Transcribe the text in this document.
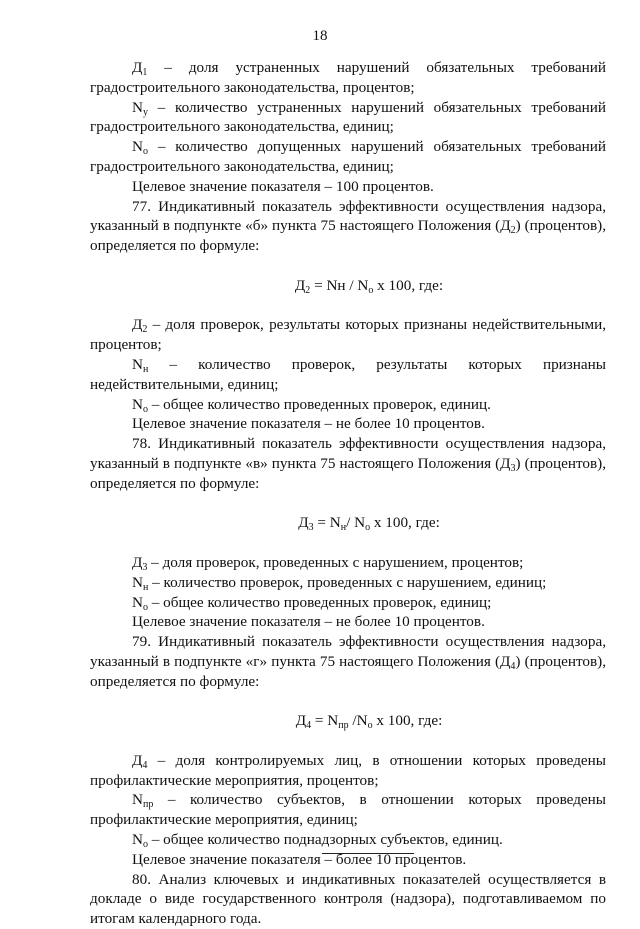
18
$Д_1$ – доля устраненных нарушений обязательных требований градостроительного законодательства, процентов;
$N_у$ – количество устраненных нарушений обязательных требований градостроительного законодательства, единиц;
$N_о$ – количество допущенных нарушений обязательных требований градостроительного законодательства, единиц;
Целевое значение показателя – 100 процентов.
77. Индикативный показатель эффективности осуществления надзора, указанный в подпункте «б» пункта 75 настоящего Положения $(Д_2)$ (процентов), определяется по формуле:
$Д_2$ = Nн / $N_о$ х 100, где:
$Д_2$ – доля проверок, результаты которых признаны недействительными, процентов;
$N_н$ – количество проверок, результаты которых признаны недействительными, единиц;
$N_о$ – общее количество проведенных проверок, единиц.
Целевое значение показателя – не более 10 процентов.
78. Индикативный показатель эффективности осуществления надзора, указанный в подпункте «в» пункта 75 настоящего Положения $(Д_3)$ (процентов), определяется по формуле:
$Д_3 = N_н/$ $N_о$ х 100, где:
$Д_3$ – доля проверок, проведенных с нарушением, процентов;
$N_н$ – количество проверок, проведенных с нарушением, единиц;
$N_о$ – общее количество проведенных проверок, единиц;
Целевое значение показателя – не более 10 процентов.
79. Индикативный показатель эффективности осуществления надзора, указанный в подпункте «г» пункта 75 настоящего Положения $(Д_4)$ (процентов), определяется по формуле:
$Д_4 = N_{пр}$ $/N_о$ х 100, где:
$Д_4$ – доля контролируемых лиц, в отношении которых проведены профилактические мероприятия, процентов;
$N_{пр}$ – количество субъектов, в отношении которых проведены профилактические мероприятия, единиц;
$N_о$ – общее количество поднадзорных субъектов, единиц.
Целевое значение показателя – более 10 процентов.
80. Анализ ключевых и индикативных показателей осуществляется в докладе о виде государственного контроля (надзора), подготавливаемом по итогам календарного года.
